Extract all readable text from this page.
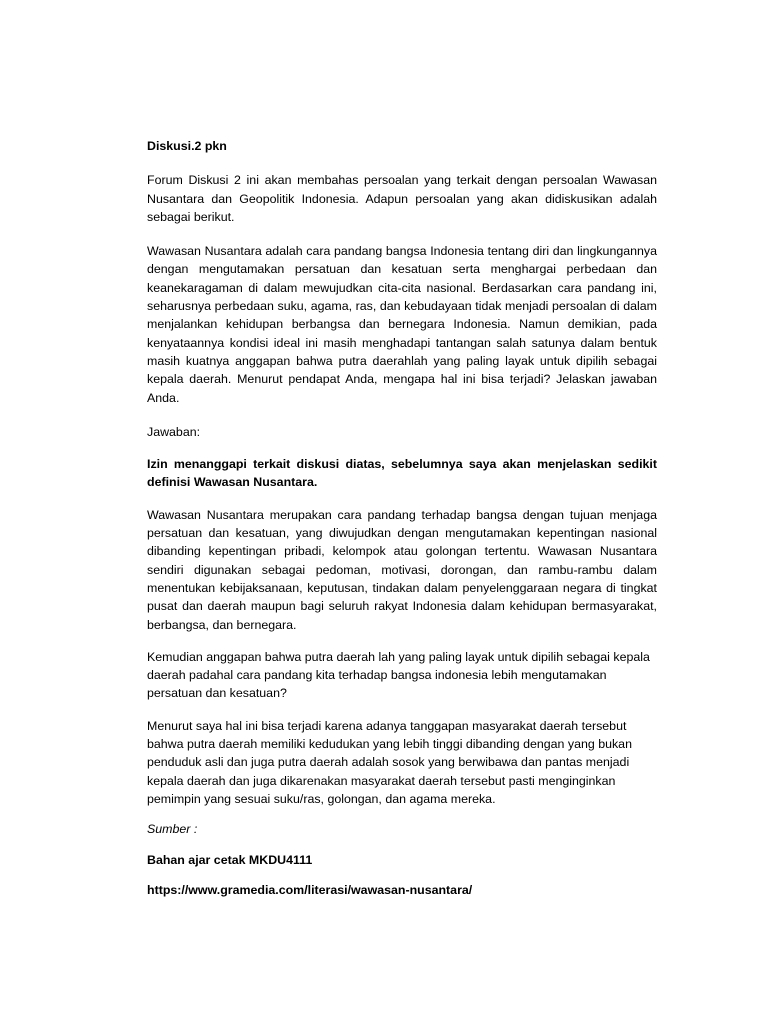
Diskusi.2 pkn

Forum Diskusi 2 ini akan membahas persoalan yang terkait dengan persoalan Wawasan Nusantara dan Geopolitik Indonesia. Adapun persoalan yang akan didiskusikan adalah sebagai berikut.

Wawasan Nusantara adalah cara pandang bangsa Indonesia tentang diri dan lingkungannya dengan mengutamakan persatuan dan kesatuan serta menghargai perbedaan dan keanekaragaman di dalam mewujudkan cita-cita nasional. Berdasarkan cara pandang ini, seharusnya perbedaan suku, agama, ras, dan kebudayaan tidak menjadi persoalan di dalam menjalankan kehidupan berbangsa dan bernegara Indonesia. Namun demikian, pada kenyataannya kondisi ideal ini masih menghadapi tantangan salah satunya dalam bentuk masih kuatnya anggapan bahwa putra daerahlah yang paling layak untuk dipilih sebagai kepala daerah. Menurut pendapat Anda, mengapa hal ini bisa terjadi? Jelaskan jawaban Anda.

Jawaban:

Izin menanggapi terkait diskusi diatas, sebelumnya saya akan menjelaskan sedikit definisi Wawasan Nusantara.

Wawasan Nusantara merupakan cara pandang terhadap bangsa dengan tujuan menjaga persatuan dan kesatuan, yang diwujudkan dengan mengutamakan kepentingan nasional dibanding kepentingan pribadi, kelompok atau golongan tertentu. Wawasan Nusantara sendiri digunakan sebagai pedoman, motivasi, dorongan, dan rambu-rambu dalam menentukan kebijaksanaan, keputusan, tindakan dalam penyelenggaraan negara di tingkat pusat dan daerah maupun bagi seluruh rakyat Indonesia dalam kehidupan bermasyarakat, berbangsa, dan bernegara.

Kemudian anggapan bahwa putra daerah lah yang paling layak untuk dipilih sebagai kepala daerah padahal cara pandang kita terhadap bangsa indonesia lebih mengutamakan persatuan dan kesatuan?

Menurut saya hal ini bisa terjadi karena adanya tanggapan masyarakat daerah tersebut bahwa putra daerah memiliki kedudukan yang lebih tinggi dibanding dengan yang bukan penduduk asli dan juga putra daerah adalah sosok yang berwibawa dan pantas menjadi kepala daerah dan juga dikarenakan masyarakat daerah tersebut pasti menginginkan pemimpin yang sesuai suku/ras, golongan, dan agama mereka.

Sumber :

Bahan ajar cetak MKDU4111

https://www.gramedia.com/literasi/wawasan-nusantara/
